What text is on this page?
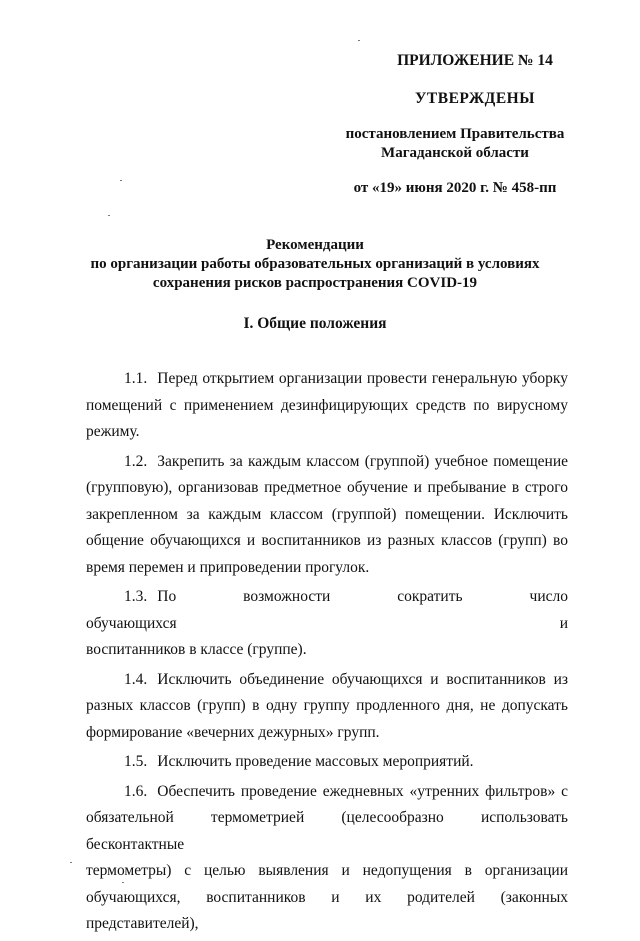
ПРИЛОЖЕНИЕ № 14
УТВЕРЖДЕНЫ
постановлением Правительства
Магаданской области
от «19» июня 2020 г. № 458-пп
Рекомендации
по организации работы образовательных организаций в условиях
сохранения рисков распространения COVID-19
I. Общие положения
1.1. Перед открытием организации провести генеральную уборку
помещений с применением дезинфицирующих средств по вирусному
режиму.
1.2. Закрепить за каждым классом (группой) учебное помещение
(групповую), организовав предметное обучение и пребывание в строго
закрепленном за каждым классом (группой) помещении. Исключить
общение обучающихся и воспитанников из разных классов (групп) во
время перемен и припроведении прогулок.
1.3. По возможности сократить число обучающихся и
воспитанников в классе (группе).
1.4. Исключить объединение обучающихся и воспитанников из
разных классов (групп) в одну группу продленного дня, не допускать
формирование «вечерних дежурных» групп.
1.5. Исключить проведение массовых мероприятий.
1.6. Обеспечить проведение ежедневных «утренних фильтров» с
обязательной термометрией (целесообразно использовать бесконтактные
термометры) с целью выявления и недопущения в организации
обучающихся, воспитанников и их родителей (законных представителей),
